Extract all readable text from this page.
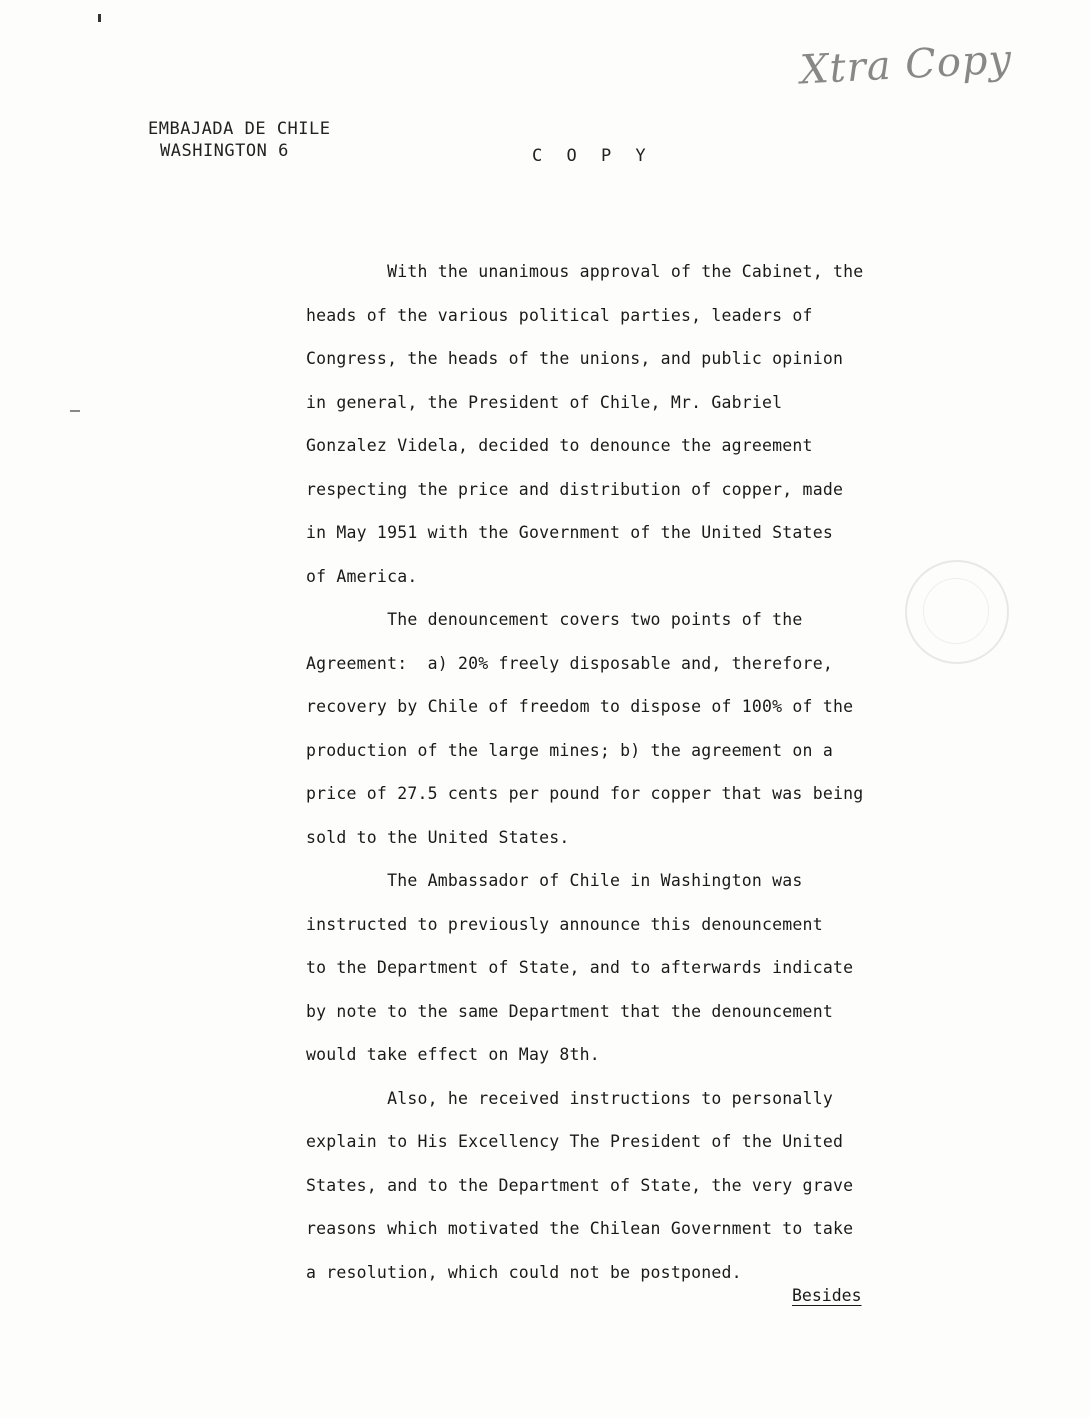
EMBAJADA DE CHILE
WASHINGTON 6	C O P Y
Xtra Copy

With the unanimous approval of the Cabinet, the

heads of the various political parties, leaders of

Congress, the heads of the unions, and public opinion

in general, the President of Chile, Mr. Gabriel

Gonzalez Videla, decided to denounce the agreement

respecting the price and distribution of copper, made

in May 1951 with the Government of the United States

of America.

The denouncement covers two points of the

Agreement:  a) 20% freely disposable and, therefore,

recovery by Chile of freedom to dispose of 100% of the

production of the large mines; b) the agreement on a

price of 27.5 cents per pound for copper that was being

sold to the United States.

The Ambassador of Chile in Washington was

instructed to previously announce this denouncement

to the Department of State, and to afterwards indicate

by note to the same Department that the denouncement

would take effect on May 8th.

Also, he received instructions to personally

explain to His Excellency The President of the United

States, and to the Department of State, the very grave

reasons which motivated the Chilean Government to take

a resolution, which could not be postponed.

Besides
